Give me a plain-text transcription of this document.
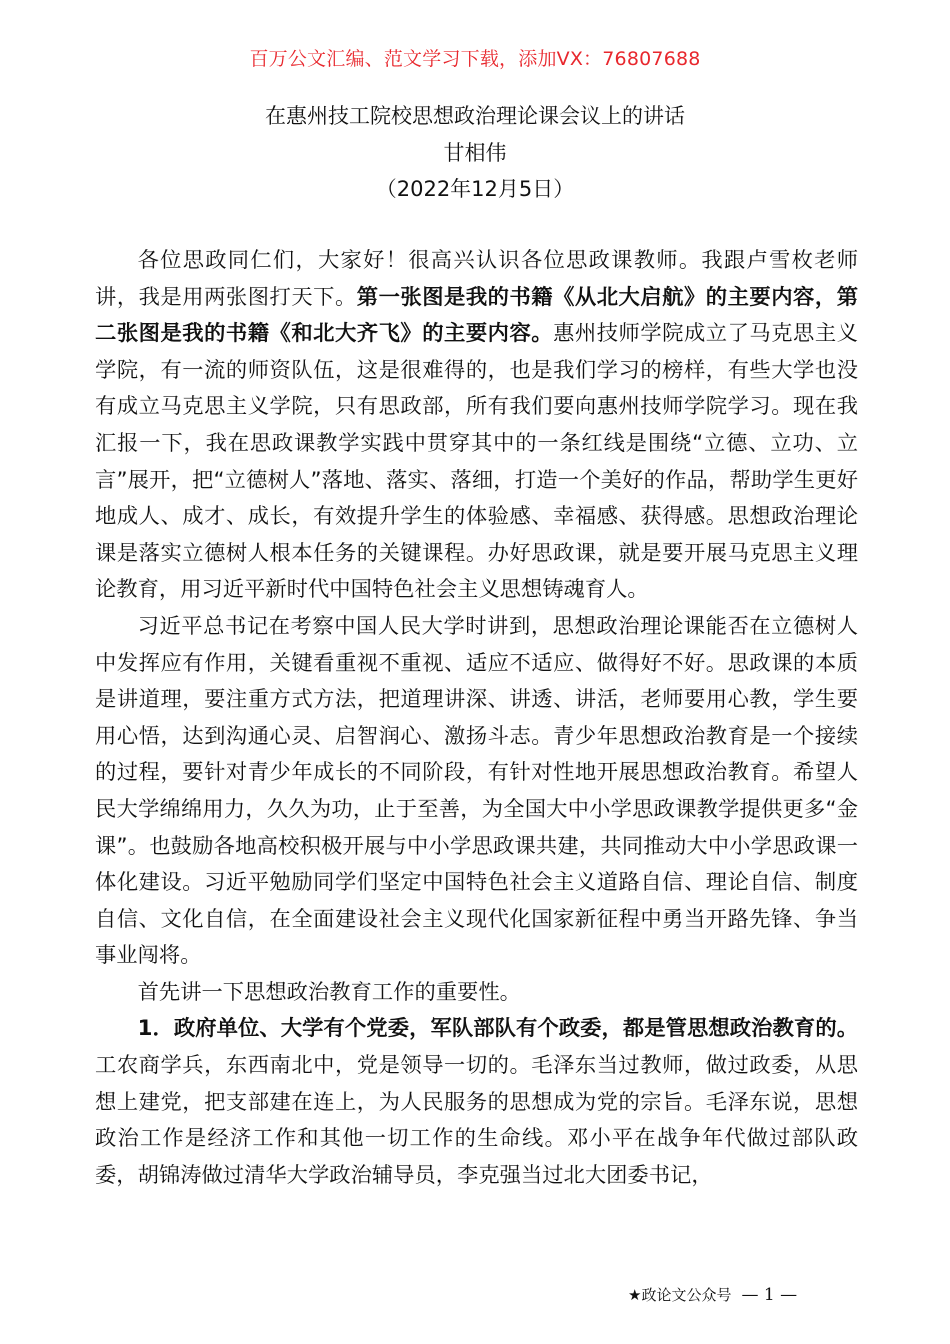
百万公文汇编、范文学习下载，添加VX：76807688
在惠州技工院校思想政治理论课会议上的讲话
甘相伟
（2022年12月5日）

各位思政同仁们，大家好！很高兴认识各位思政课教师。我跟卢雪枚老师讲，我是用两张图打天下。第一张图是我的书籍《从北大启航》的主要内容，第二张图是我的书籍《和北大齐飞》的主要内容。惠州技师学院成立了马克思主义学院，有一流的师资队伍，这是很难得的，也是我们学习的榜样，有些大学也没有成立马克思主义学院，只有思政部，所有我们要向惠州技师学院学习。现在我汇报一下，我在思政课教学实践中贯穿其中的一条红线是围绕“立德、立功、立言”展开，把“立德树人”落地、落实、落细，打造一个美好的作品，帮助学生更好地成人、成才、成长，有效提升学生的体验感、幸福感、获得感。思想政治理论课是落实立德树人根本任务的关键课程。办好思政课，就是要开展马克思主义理论教育，用习近平新时代中国特色社会主义思想铸魂育人。

习近平总书记在考察中国人民大学时讲到，思想政治理论课能否在立德树人中发挥应有作用，关键看重视不重视、适应不适应、做得好不好。思政课的本质是讲道理，要注重方式方法，把道理讲深、讲透、讲活，老师要用心教，学生要用心悟，达到沟通心灵、启智润心、激扬斗志。青少年思想政治教育是一个接续的过程，要针对青少年成长的不同阶段，有针对性地开展思想政治教育。希望人民大学绵绵用力，久久为功，止于至善，为全国大中小学思政课教学提供更多“金课”。也鼓励各地高校积极开展与中小学思政课共建，共同推动大中小学思政课一体化建设。习近平勉励同学们坚定中国特色社会主义道路自信、理论自信、制度自信、文化自信，在全面建设社会主义现代化国家新征程中勇当开路先锋、争当事业闯将。

首先讲一下思想政治教育工作的重要性。

1．政府单位、大学有个党委，军队部队有个政委，都是管思想政治教育的。工农商学兵，东西南北中，党是领导一切的。毛泽东当过教师，做过政委，从思想上建党，把支部建在连上，为人民服务的思想成为党的宗旨。毛泽东说，思想政治工作是经济工作和其他一切工作的生命线。邓小平在战争年代做过部队政委，胡锦涛做过清华大学政治辅导员，李克强当过北大团委书记，

★政论文公众号 — 1 —
